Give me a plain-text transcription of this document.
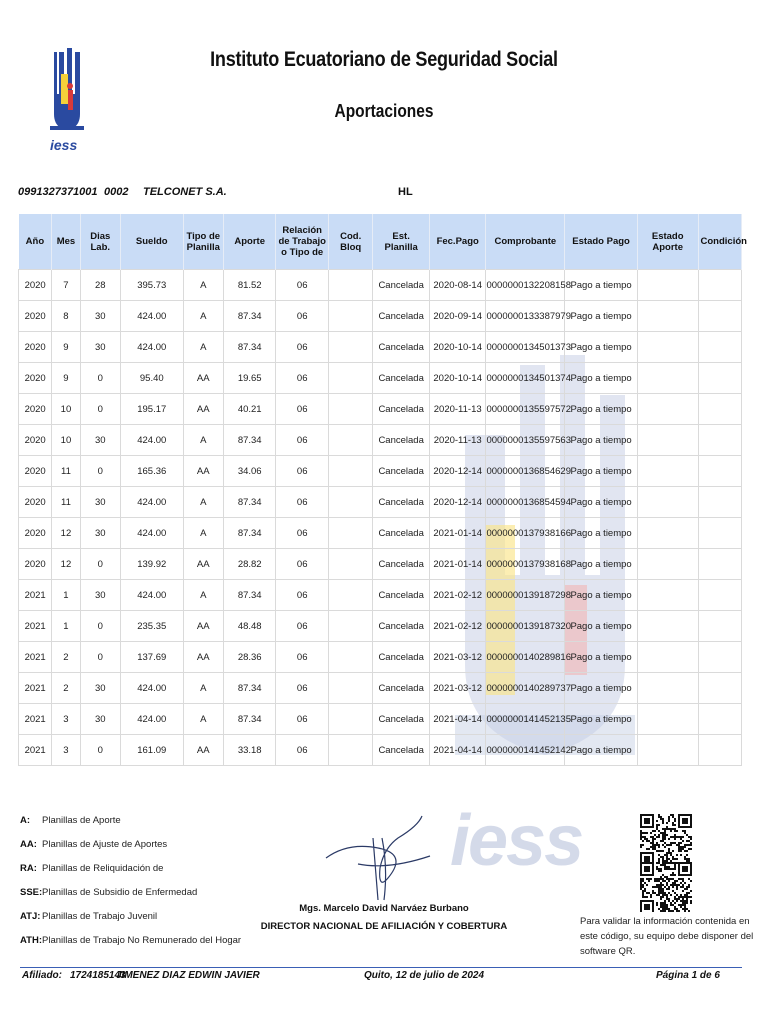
iess
Instituto Ecuatoriano de Seguridad Social
Aportaciones
0991327371001 0002 TELCONET S.A.	HL
iess
Año	Mes	Dias Lab.	Sueldo	Tipo de Planilla	Aporte	Relación de Trabajo o Tipo de	Cod. Bloq	Est. Planilla	Fec.Pago	Comprobante	Estado Pago	Estado Aporte	Condición
2020	7	28	395.73	A	81.52	06		Cancelada	2020-08-14	0000000132208158	Pago a tiempo		
2020	8	30	424.00	A	87.34	06		Cancelada	2020-09-14	0000000133387979	Pago a tiempo		
2020	9	30	424.00	A	87.34	06		Cancelada	2020-10-14	0000000134501373	Pago a tiempo		
2020	9	0	95.40	AA	19.65	06		Cancelada	2020-10-14	0000000134501374	Pago a tiempo		
2020	10	0	195.17	AA	40.21	06		Cancelada	2020-11-13	0000000135597572	Pago a tiempo		
2020	10	30	424.00	A	87.34	06		Cancelada	2020-11-13	0000000135597563	Pago a tiempo		
2020	11	0	165.36	AA	34.06	06		Cancelada	2020-12-14	0000000136854629	Pago a tiempo		
2020	11	30	424.00	A	87.34	06		Cancelada	2020-12-14	0000000136854594	Pago a tiempo		
2020	12	30	424.00	A	87.34	06		Cancelada	2021-01-14	0000000137938166	Pago a tiempo		
2020	12	0	139.92	AA	28.82	06		Cancelada	2021-01-14	0000000137938168	Pago a tiempo		
2021	1	30	424.00	A	87.34	06		Cancelada	2021-02-12	0000000139187298	Pago a tiempo		
2021	1	0	235.35	AA	48.48	06		Cancelada	2021-02-12	0000000139187320	Pago a tiempo		
2021	2	0	137.69	AA	28.36	06		Cancelada	2021-03-12	0000000140289816	Pago a tiempo		
2021	2	30	424.00	A	87.34	06		Cancelada	2021-03-12	0000000140289737	Pago a tiempo		
2021	3	30	424.00	A	87.34	06		Cancelada	2021-04-14	0000000141452135	Pago a tiempo		
2021	3	0	161.09	AA	33.18	06		Cancelada	2021-04-14	0000000141452142	Pago a tiempo		
A:	Planillas de Aporte
AA: Planillas de Ajuste de Aportes
RA: Planillas de Reliquidación de
SSE: Planillas de Subsidio de Enfermedad
ATJ: Planillas de Trabajo Juvenil
ATH: Planillas de Trabajo No Remunerado del Hogar
Mgs. Marcelo David Narváez Burbano
DIRECTOR NACIONAL DE AFILIACIÓN Y COBERTURA	Para validar la información contenida en este código, su equipo debe disponer del software QR.
Afiliado: 1724185143
JIMENEZ DIAZ EDWIN JAVIER	Quito, 12 de julio de 2024	Página 1 de 6
